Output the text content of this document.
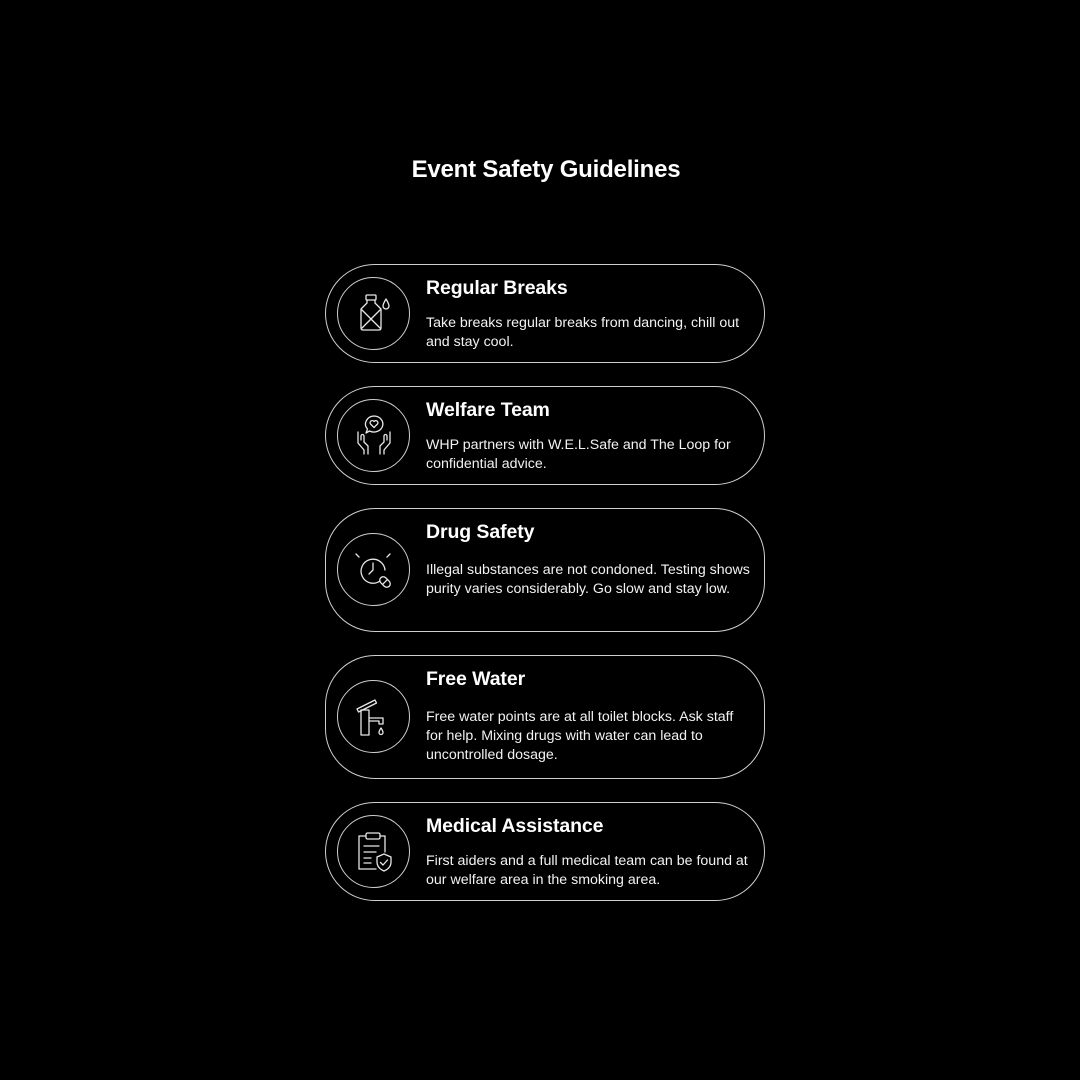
Event Safety Guidelines
Regular Breaks

Take breaks regular breaks from dancing, chill out and stay cool.

Welfare Team

WHP partners with W.E.L.Safe and The Loop for confidential advice.

Drug Safety

Illegal substances are not condoned. Testing shows purity varies considerably. Go slow and stay low.

Free Water

Free water points are at all toilet blocks. Ask staff for help. Mixing drugs with water can lead to uncontrolled dosage.

Medical Assistance

First aiders and a full medical team can be found at our welfare area in the smoking area.
